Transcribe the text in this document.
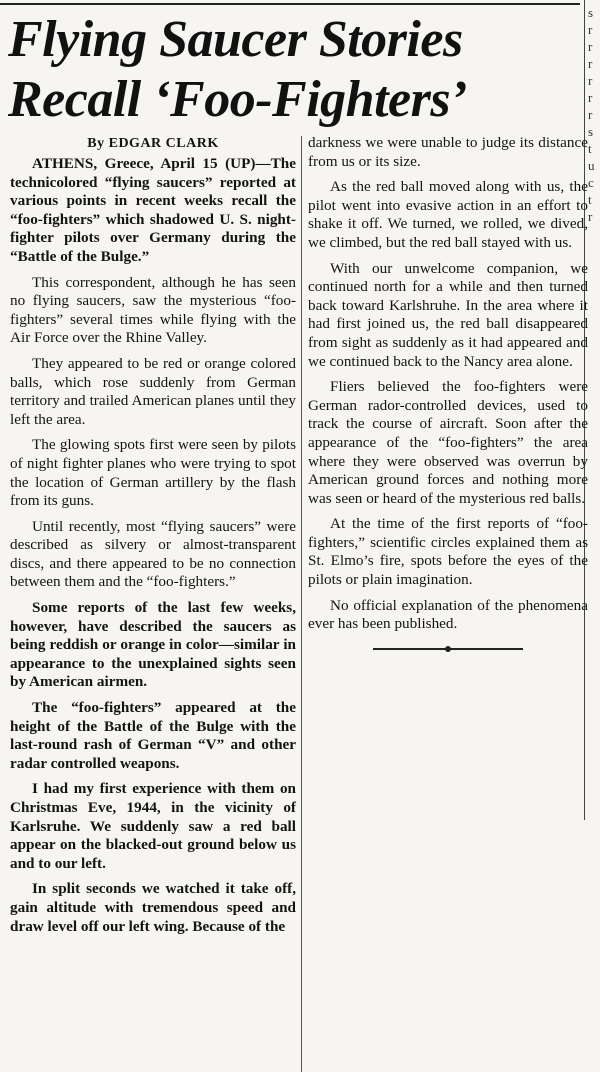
s
r
r
r
r
r
r
s
t
u
c
t
r
Flying Saucer Stories
Recall ‘Foo-Fighters’
By EDGAR CLARK

ATHENS, Greece, April 15 (UP)—The technicolored “flying saucers” reported at various points in recent weeks recall the “foo-fighters” which shadowed U. S. night-fighter pilots over Germany during the “Battle of the Bulge.”

This correspondent, although he has seen no flying saucers, saw the mysterious “foo-fighters” several times while flying with the Air Force over the Rhine Valley.

They appeared to be red or orange colored balls, which rose suddenly from German territory and trailed American planes until they left the area.

The glowing spots first were seen by pilots of night fighter planes who were trying to spot the location of German artillery by the flash from its guns.

Until recently, most “flying saucers” were described as silvery or almost-transparent discs, and there appeared to be no connection between them and the “foo-fighters.”

Some reports of the last few weeks, however, have described the saucers as being reddish or orange in color—similar in appearance to the unexplained sights seen by American airmen.

The “foo-fighters” appeared at the height of the Battle of the Bulge with the last-round rash of German “V” and other radar controlled weapons.

I had my first experience with them on Christmas Eve, 1944, in the vicinity of Karlsruhe. We suddenly saw a red ball appear on the blacked-out ground below us and to our left.

In split seconds we watched it take off, gain altitude with tremendous speed and draw level off our left wing. Because of the

darkness we were unable to judge its distance from us or its size.

As the red ball moved along with us, the pilot went into evasive action in an effort to shake it off. We turned, we rolled, we dived, we climbed, but the red ball stayed with us.

With our unwelcome companion, we continued north for a while and then turned back toward Karlshruhe. In the area where it had first joined us, the red ball disappeared from sight as suddenly as it had appeared and we continued back to the Nancy area alone.

Fliers believed the foo-fighters were German rador-controlled devices, used to track the course of aircraft. Soon after the appearance of the “foo-fighters” the area where they were observed was overrun by American ground forces and nothing more was seen or heard of the mysterious red balls.

At the time of the first reports of “foo-fighters,” scientific circles explained them as St. Elmo’s fire, spots before the eyes of the pilots or plain imagination.

No official explanation of the phenomena ever has been published.
